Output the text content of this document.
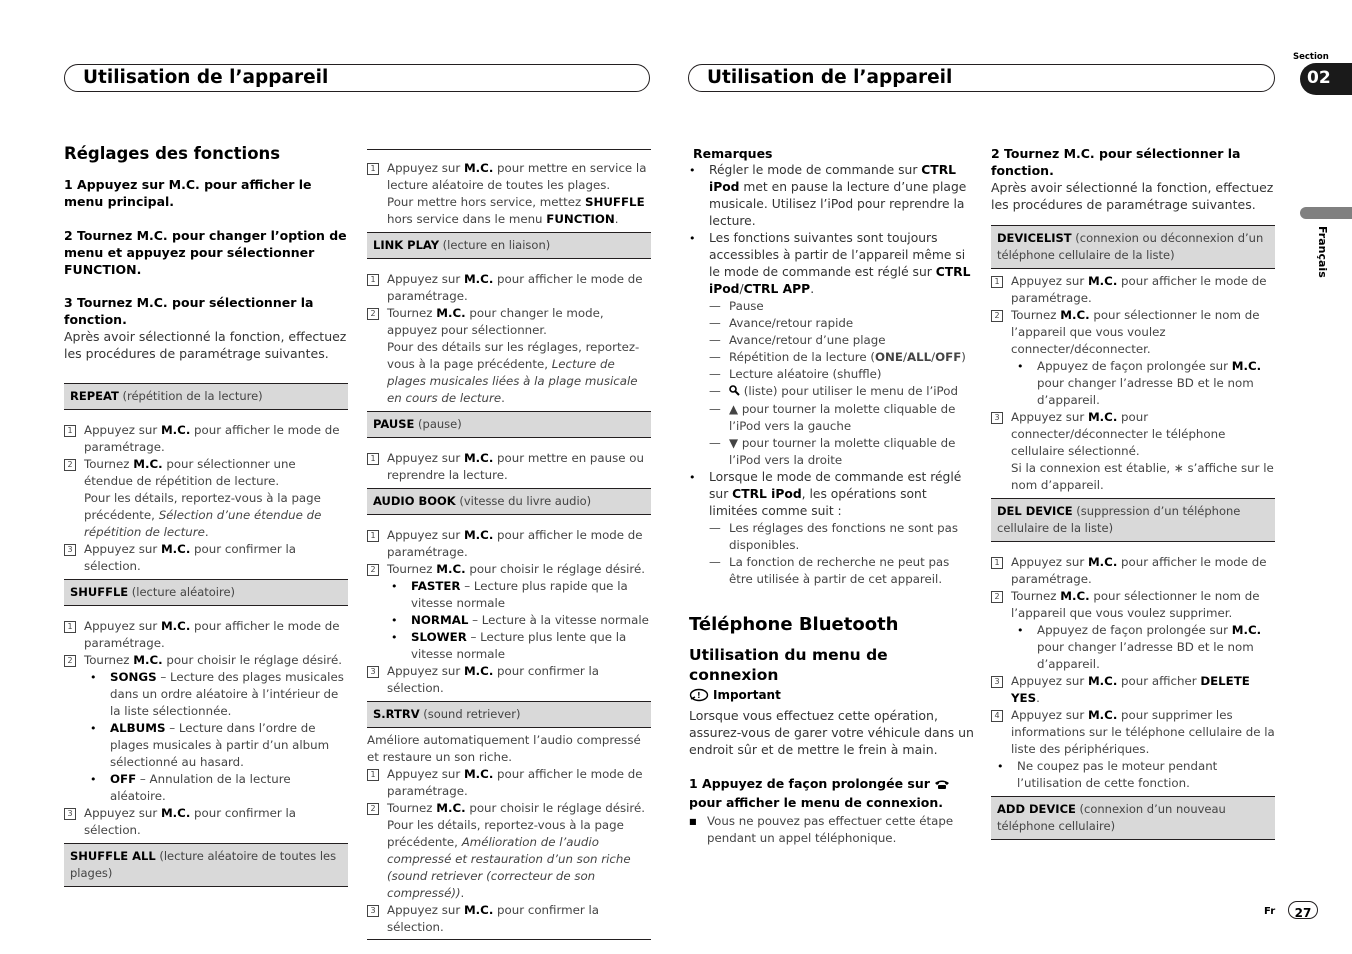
Utilisation de l’appareil	Utilisation de l’appareil
Section
02
Français

Réglages des fonctions

1 Appuyez sur M.C. pour afficher le menu principal.

2 Tournez M.C. pour changer l’option de menu et appuyez pour sélectionner FUNCTION.

3 Tournez M.C. pour sélectionner la fonction.

Après avoir sélectionné la fonction, effectuez les procédures de paramétrage suivantes.

REPEAT (répétition de la lecture)
1 Appuyez sur M.C. pour afficher le mode de paramétrage.
2 Tournez M.C. pour sélectionner une étendue de répétition de lecture.
Pour les détails, reportez-vous à la page précédente, Sélection d’une étendue de répétition de lecture.
3 Appuyez sur M.C. pour confirmer la sélection.
SHUFFLE (lecture aléatoire)
1 Appuyez sur M.C. pour afficher le mode de paramétrage.
2 Tournez M.C. pour choisir le réglage désiré.
•	SONGS – Lecture des plages musicales dans un ordre aléatoire à l’intérieur de la liste sélectionnée.
•	ALBUMS – Lecture dans l’ordre de plages musicales à partir d’un album sélectionné au hasard.
•	OFF – Annulation de la lecture aléatoire.
3 Appuyez sur M.C. pour confirmer la sélection.
SHUFFLE ALL (lecture aléatoire de toutes les plages)
1 Appuyez sur M.C. pour mettre en service la lecture aléatoire de toutes les plages.
Pour mettre hors service, mettez SHUFFLE hors service dans le menu FUNCTION.
LINK PLAY (lecture en liaison)
1 Appuyez sur M.C. pour afficher le mode de paramétrage.
2 Tournez M.C. pour changer le mode, appuyez pour sélectionner.
Pour des détails sur les réglages, reportez-vous à la page précédente, Lecture de plages musicales liées à la plage musicale en cours de lecture.
PAUSE (pause)
1 Appuyez sur M.C. pour mettre en pause ou reprendre la lecture.
AUDIO BOOK (vitesse du livre audio)
1 Appuyez sur M.C. pour afficher le mode de paramétrage.
2 Tournez M.C. pour choisir le réglage désiré.
•	FASTER – Lecture plus rapide que la vitesse normale
•	NORMAL – Lecture à la vitesse normale
•	SLOWER – Lecture plus lente que la vitesse normale
3 Appuyez sur M.C. pour confirmer la sélection.
S.RTRV (sound retriever)

Améliore automatiquement l’audio compressé et restaure un son riche.

1 Appuyez sur M.C. pour afficher le mode de paramétrage.
2 Tournez M.C. pour choisir le réglage désiré.
Pour les détails, reportez-vous à la page précédente, Amélioration de l’audio compressé et restauration d’un son riche (sound retriever (correcteur de son compressé)).
3 Appuyez sur M.C. pour confirmer la sélection.

Remarques

•	Régler le mode de commande sur CTRL iPod met en pause la lecture d’une plage musicale. Utilisez l’iPod pour reprendre la lecture.
•	Les fonctions suivantes sont toujours accessibles à partir de l’appareil même si le mode de commande est réglé sur CTRL iPod/CTRL APP.
— Pause
— Avance/retour rapide
— Avance/retour d’une plage
— Répétition de la lecture (ONE/ALL/OFF)
— Lecture aléatoire (shuffle)
—	(liste) pour utiliser le menu de l’iPod
— ▲ pour tourner la molette cliquable de l’iPod vers la gauche
— ▼ pour tourner la molette cliquable de l’iPod vers la droite
•	Lorsque le mode de commande est réglé sur CTRL iPod, les opérations sont limitées comme suit :
— Les réglages des fonctions ne sont pas disponibles.
— La fonction de recherche ne peut pas être utilisée à partir de cet appareil.

Téléphone Bluetooth

Utilisation du menu de connexion

! Important

Lorsque vous effectuez cette opération, assurez-vous de garer votre véhicule dans un endroit sûr et de mettre le frein à main.

1 Appuyez de façon prolongée sur  pour afficher le menu de connexion.

■ Vous ne pouvez pas effectuer cette étape pendant un appel téléphonique.

2 Tournez M.C. pour sélectionner la fonction.

Après avoir sélectionné la fonction, effectuez les procédures de paramétrage suivantes.

DEVICELIST (connexion ou déconnexion d’un téléphone cellulaire de la liste)
1 Appuyez sur M.C. pour afficher le mode de paramétrage.
2 Tournez M.C. pour sélectionner le nom de l’appareil que vous voulez connecter/déconnecter.
•	Appuyez de façon prolongée sur M.C. pour changer l’adresse BD et le nom d’appareil.
3 Appuyez sur M.C. pour connecter/déconnecter le téléphone cellulaire sélectionné.
Si la connexion est établie, ∗ s’affiche sur le nom d’appareil.
DEL DEVICE (suppression d’un téléphone cellulaire de la liste)
1 Appuyez sur M.C. pour afficher le mode de paramétrage.
2 Tournez M.C. pour sélectionner le nom de l’appareil que vous voulez supprimer.
•	Appuyez de façon prolongée sur M.C. pour changer l’adresse BD et le nom d’appareil.
3 Appuyez sur M.C. pour afficher DELETE YES.
4 Appuyez sur M.C. pour supprimer les informations sur le téléphone cellulaire de la liste des périphériques.
•	Ne coupez pas le moteur pendant l’utilisation de cette fonction.
ADD DEVICE (connexion d’un nouveau téléphone cellulaire)
Fr	27
